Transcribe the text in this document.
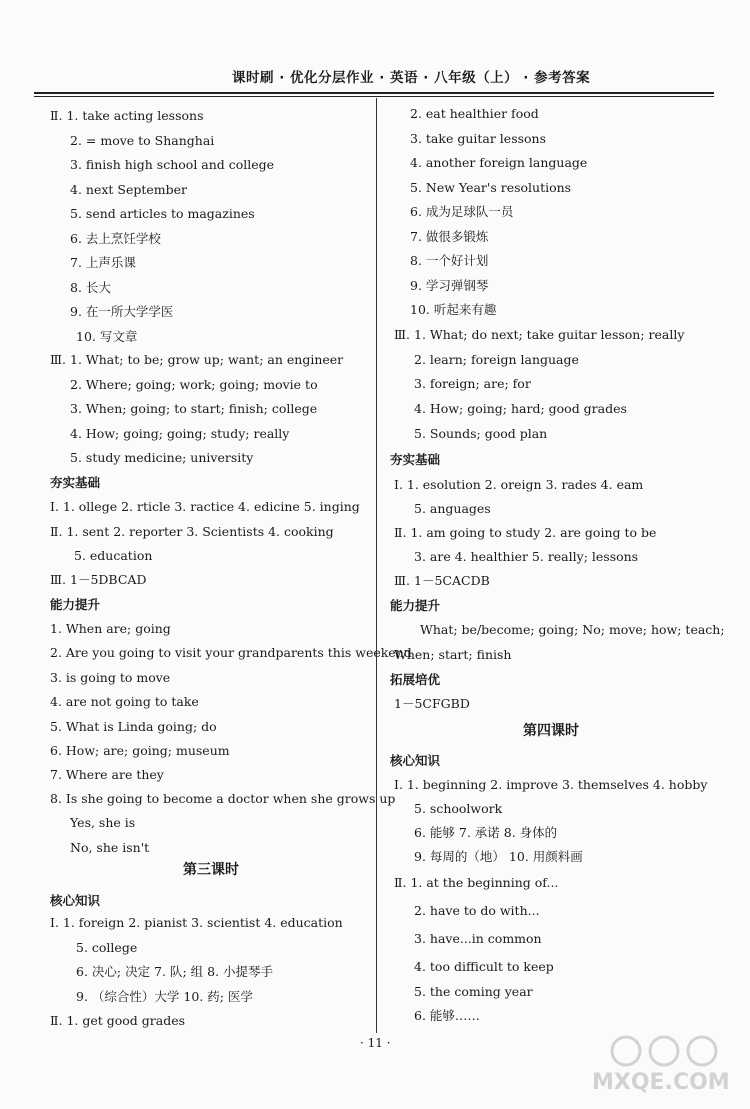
课时刷 · 优化分层作业 · 英语 · 八年级（上） · 参考答案
Ⅱ. 1. take acting lessons
2. = move to Shanghai
3. finish high school and college
4. next September
5. send articles to magazines
6. 去上烹饪学校
7. 上声乐课
8. 长大
9. 在一所大学学医
10. 写文章
Ⅲ. 1. What; to be; grow up; want; an engineer
2. Where; going; work; going; movie to
3. When; going; to start; finish; college
4. How; going; going; study; really
5. study medicine; university
夯实基础
Ⅰ. 1. ollege 2. rticle 3. ractice 4. edicine 5. inging
Ⅱ. 1. sent 2. reporter 3. Scientists 4. cooking
5. education
Ⅲ. 1－5DBCAD
能力提升
1. When are; going
2. Are you going to visit your grandparents this weekend
3. is going to move
4. are not going to take
5. What is Linda going; do
6. How; are; going; museum
7. Where are they
8. Is she going to become a doctor when she grows up
Yes, she is
No, she isn't
第三课时
核心知识
Ⅰ. 1. foreign 2. pianist 3. scientist 4. education
5. college
6. 决心; 决定 7. 队; 组 8. 小提琴手
9. （综合性）大学 10. 药; 医学
Ⅱ. 1. get good grades
2. eat healthier food
3. take guitar lessons
4. another foreign language
5. New Year's resolutions
6. 成为足球队一员
7. 做很多锻炼
8. 一个好计划
9. 学习弹钢琴
10. 听起来有趣
Ⅲ. 1. What; do next; take guitar lesson; really
2. learn; foreign language
3. foreign; are; for
4. How; going; hard; good grades
5. Sounds; good plan
夯实基础
Ⅰ. 1. esolution 2. oreign 3. rades 4. eam
5. anguages
Ⅱ. 1. am going to study 2. are going to be
3. are 4. healthier 5. really; lessons
Ⅲ. 1－5CACDB
能力提升
What; be/become; going; No; move; how; teach;
When; start; finish
拓展培优
1－5CFGBD
第四课时
核心知识
Ⅰ. 1. beginning 2. improve 3. themselves 4. hobby
5. schoolwork
6. 能够 7. 承诺 8. 身体的
9. 每周的（地） 10. 用颜料画
Ⅱ. 1. at the beginning of...
2. have to do with...
3. have...in common
4. too difficult to keep
5. the coming year
6. 能够……
· 11 ·
MXQE.COM
